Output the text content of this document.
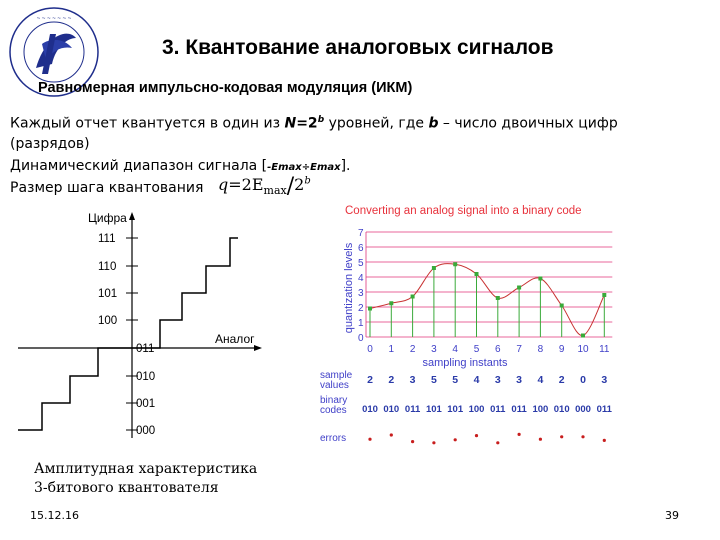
~ ~ ~ ~ ~ ~ ~
3. Квантование аналоговых сигналов
Равномерная импульсно-кодовая модуляция (ИКМ)
Каждый отчет квантуется в один из $N=2^b$ уровней, где b – число двоичных цифр
(разрядов)
Динамический диапазон сигнала [-Emax÷Emax].
Размер шага квантования $q=2E_{max}/2^b$
Цифра
Аналог
111
110
101
100
011
010
001
000
Converting an analog signal into a binary code
quantization levels
0
1
2
3
4
5
6
7
0 1 2 3 4 5 6 7 8 9 10 11
sampling instants
sample values	2 2 3 5 5 4 3 3 4 2 0 3
binary codes 010 010 011 101 101 100 011 011 100 010 000 011
errors
Амплитудная характеристика
3-битового квантователя
15.12.16	39
